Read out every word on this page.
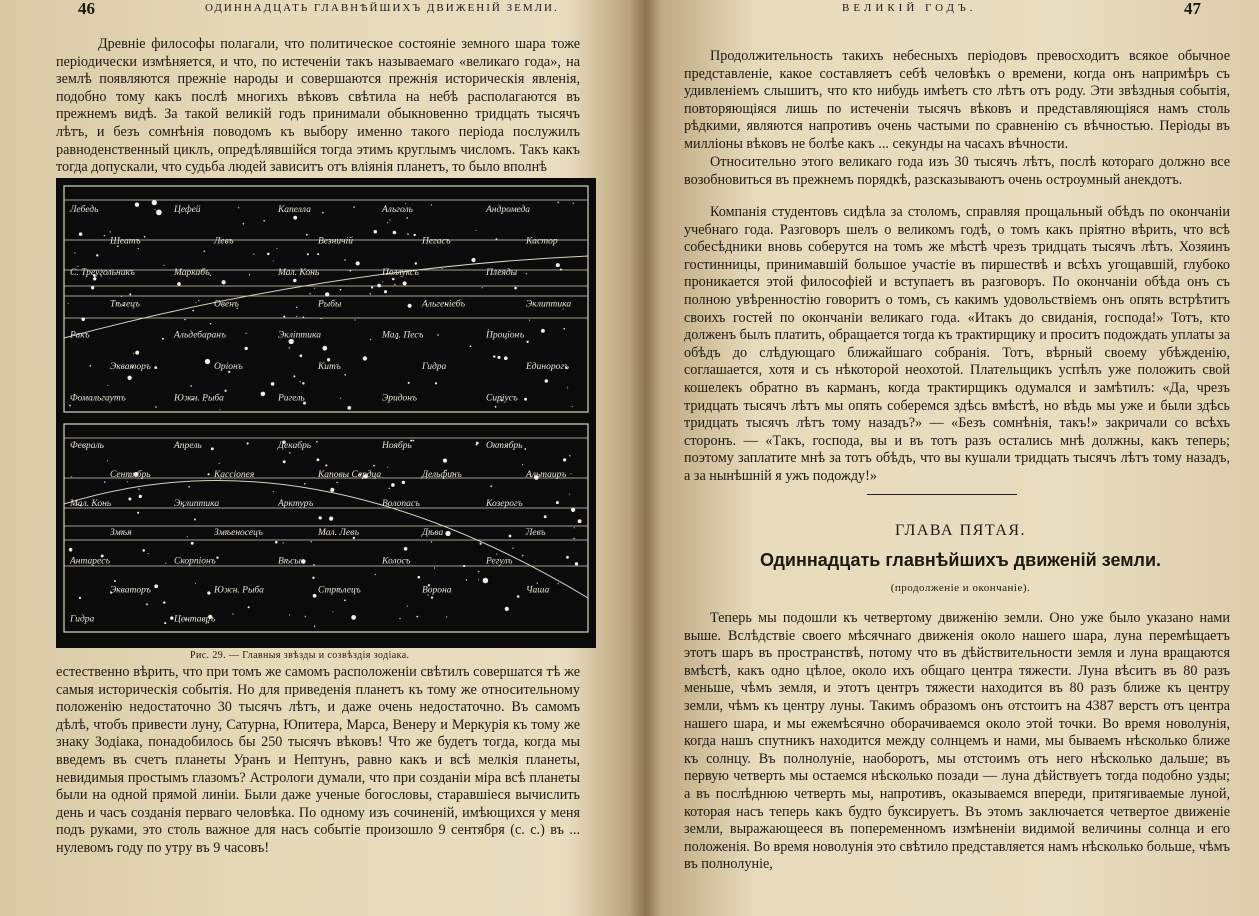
46	ОДИННАДЦАТЬ ГЛАВНѢЙШИХЪ ДВИЖЕНІЙ ЗЕМЛИ.

Древніе философы полагали, что политическое состояніе земного шара тоже періодически измѣняется, и что, по истеченіи такъ называемаго «великаго года», на землѣ появляются прежніе народы и совершаются прежнія историческія явленія, подобно тому какъ послѣ многихъ вѣковъ свѣтила на небѣ располагаются въ прежнемъ видѣ. За такой великій годъ принимали обыкновенно тридцать тысячъ лѣтъ, и безъ сомнѣнія поводомъ къ выбору именно такого періода послужилъ равноденственный циклъ, опредѣлявшійся тогда этимъ круглымъ числомъ. Такъ какъ тогда допускали, что судьба людей зависитъ отъ вліянія планетъ, то было вполнѣ

Лебедь	Цефей	Капелла	Альголь	Андромеда
Шеатъ	Левъ	Везничій	Пегасъ	Кастор
С. Треугольникъ	Маркабъ	Мал. Конь	Поллуксъ	Плеяды
Тѣлецъ	Овенъ	Рыбы	Альгеніебъ	Эклиптика
Ракъ	Альдебаранъ	Экліптика	Мал. Песъ	Проціонъ
Экваторъ	Оріонъ	Китъ	Гидра	Единорогъ
Фомальгаутъ	Южн. Рыба	Ригель	Эридонъ	Сиріусъ
Февраль	Апрель	Декабрь	Ноябрь	Октябрь
Сентябрь	Кассіопея	Каповы Сердца	Дельфинъ	Альтаиръ
Мал. Конь	Эклиптика	Арктуръ	Волопасъ	Козерогъ
Змѣя	Змѣеносецъ	Мал. Левъ	Дѣва	Левъ
Антаресъ	Скорпіонъ	Вѣсы	Колосъ	Регулъ
Экваторъ	Южн. Рыба	Стрѣлецъ	Ворона	Чаша
Гидра	Центавръ
Рис. 29. — Главныя звѣзды и созвѣздія зодіака.

естественно вѣрить, что при томъ же самомъ расположеніи свѣтилъ совершатся тѣ же самыя историческія событія. Но для приведенія планетъ къ тому же относительному положенію недостаточно 30 тысячъ лѣтъ, и даже очень недостаточно. Въ самомъ дѣлѣ, чтобъ привести луну, Сатурна, Юпитера, Марса, Венеру и Меркурія къ тому же знаку Зодіака, понадобилось бы 250 тысячъ вѣковъ! Что же будетъ тогда, когда мы введемъ въ счетъ планеты Уранъ и Нептунъ, равно какъ и всѣ мелкія планеты, невидимыя простымъ глазомъ? Астрологи думали, что при созданіи міра всѣ планеты были на одной прямой линіи. Были даже ученые богословы, старавшіеся вычислить день и часъ созданія перваго человѣка. По одному изъ сочиненій, имѣющихся у меня подъ руками, это столь важное для насъ событіе произошло 9 сентября (с. с.) въ ... нулевомъ году по утру въ 9 часовъ!

ВЕЛИКІЙ ГОДЪ.	47

Продолжительность такихъ небесныхъ періодовъ превосходитъ всякое обычное представленіе, какое составляетъ себѣ человѣкъ о времени, когда онъ напримѣръ съ удивленіемъ слышитъ, что кто нибудь имѣетъ сто лѣтъ отъ роду. Эти звѣздныя событія, повторяющіяся лишь по истеченіи тысячъ вѣковъ и представляющіяся намъ столь рѣдкими, являются напротивъ очень частыми по сравненію съ вѣчностью. Періоды въ милліоны вѣковъ не болѣе какъ ... секунды на часахъ вѣчности.

Относительно этого великаго года изъ 30 тысячъ лѣтъ, послѣ котораго должно все возобновиться въ прежнемъ порядкѣ, разсказываютъ очень остроумный анекдотъ.

Компанія студентовъ сидѣла за столомъ, справляя прощальный обѣдъ по окончаніи учебнаго года. Разговоръ шелъ о великомъ годѣ, о томъ какъ пріятно вѣрить, что всѣ собесѣдники вновь соберутся на томъ же мѣстѣ чрезъ тридцать тысячъ лѣтъ. Хозяинъ гостинницы, принимавшій большое участіе въ пиршествѣ и всѣхъ угощавшій, глубоко проникается этой философіей и вступаетъ въ разговоръ. По окончаніи обѣда онъ съ полною увѣренностію говоритъ о томъ, съ какимъ удовольствіемъ онъ опять встрѣтитъ своихъ гостей по окончаніи великаго года. «Итакъ до свиданія, господа!» Тотъ, кто долженъ былъ платить, обращается тогда къ трактирщику и проситъ подождать уплаты за обѣдъ до слѣдующаго ближайшаго собранія. Тотъ, вѣрный своему убѣжденію, соглашается, хотя и съ нѣкоторой неохотой. Плательщикъ успѣлъ уже положить свой кошелекъ обратно въ карманъ, когда трактирщикъ одумался и замѣтилъ: «Да, чрезъ тридцать тысячъ лѣтъ мы опять соберемся здѣсь вмѣстѣ, но вѣдь мы уже и были здѣсь тридцать тысячъ лѣтъ тому назадъ?» — «Безъ сомнѣнія, такъ!» закричали со всѣхъ сторонъ. — «Такъ, господа, вы и въ тотъ разъ остались мнѣ должны, какъ теперь; поэтому заплатите мнѣ за тотъ обѣдъ, что вы кушали тридцать тысячъ лѣтъ тому назадъ, а за нынѣшній я ужъ подожду!»

ГЛАВА ПЯТАЯ.
Одиннадцать главнѣйшихъ движеній земли.
(продолженіе и окончаніе).

Теперь мы подошли къ четвертому движенію земли. Оно уже было указано нами выше. Вслѣдствіе своего мѣсячнаго движенія около нашего шара, луна перемѣщаетъ этотъ шаръ въ пространствѣ, потому что въ дѣйствительности земля и луна вращаются вмѣстѣ, какъ одно цѣлое, около ихъ общаго центра тяжести. Луна вѣситъ въ 80 разъ меньше, чѣмъ земля, и этотъ центръ тяжести находится въ 80 разъ ближе къ центру земли, чѣмъ къ центру луны. Такимъ образомъ онъ отстоитъ на 4387 верстъ отъ центра нашего шара, и мы ежемѣсячно оборачиваемся около этой точки. Во время новолунія, когда нашъ спутникъ находится между солнцемъ и нами, мы бываемъ нѣсколько ближе къ солнцу. Въ полнолуніе, наоборотъ, мы отстоимъ отъ него нѣсколько дальше; въ первую четверть мы остаемся нѣсколько позади — луна дѣйствуетъ тогда подобно узды; а въ послѣднюю четверть мы, напротивъ, оказываемся впереди, притягиваемые луной, которая насъ теперь какъ будто буксируетъ. Въ этомъ заключается четвертое движеніе земли, выражающееся въ попеременномъ измѣненіи видимой величины солнца и его положенія. Во время новолунія это свѣтило представляется намъ нѣсколько больше, чѣмъ въ полнолуніе,
